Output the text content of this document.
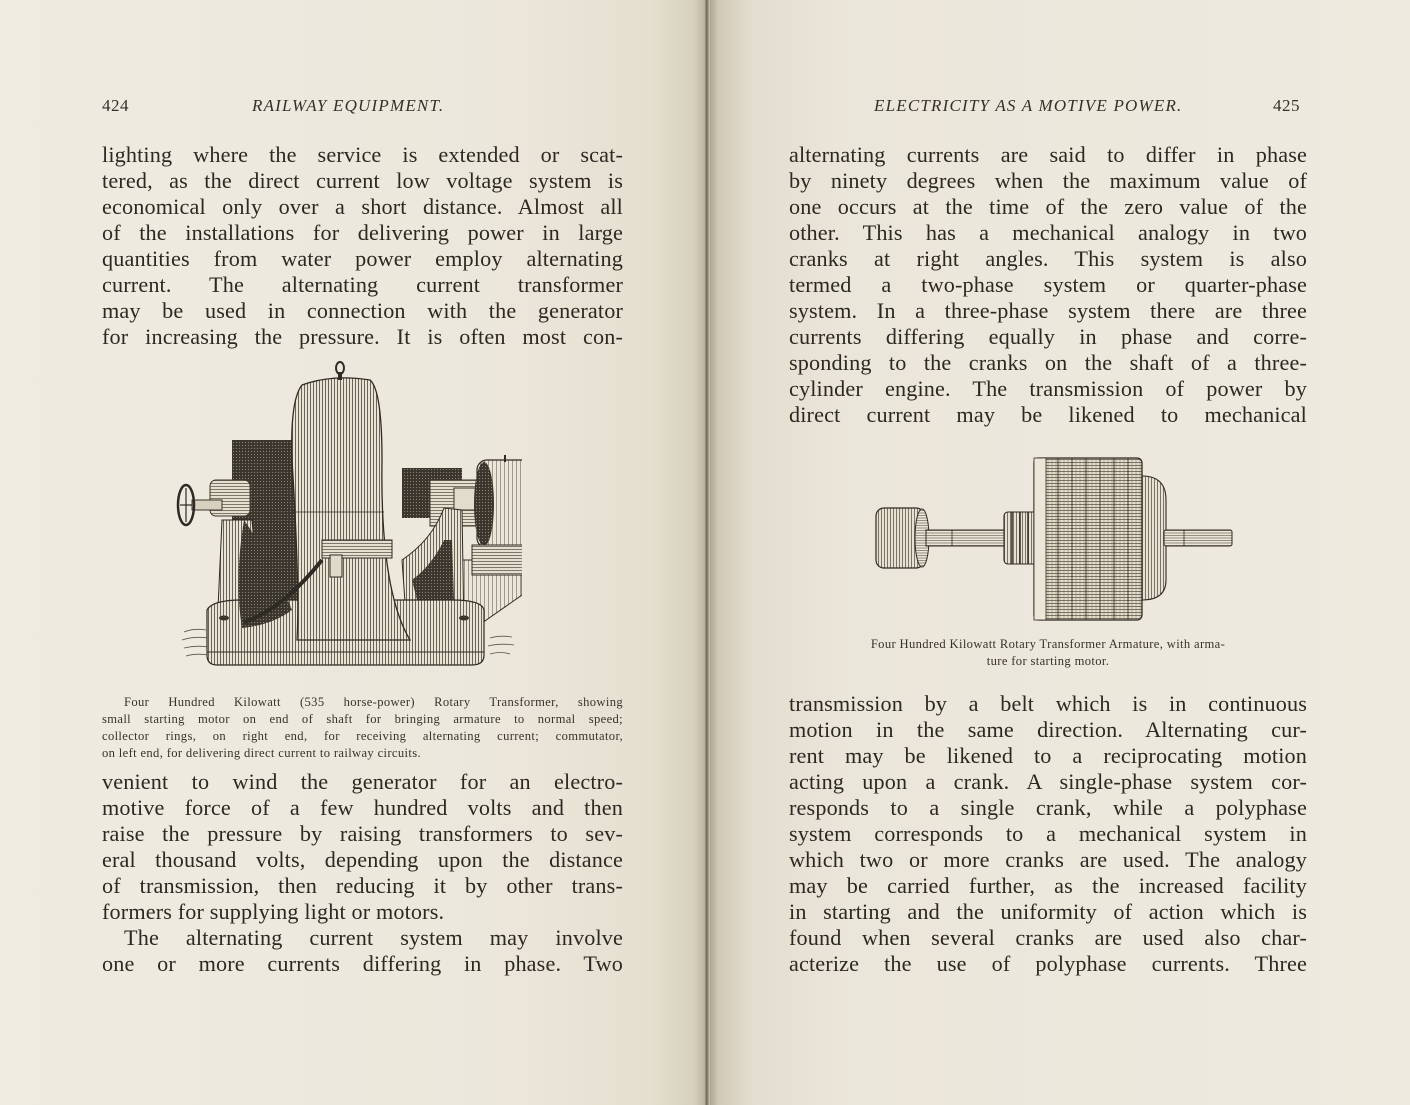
424	RAILWAY EQUIPMENT.
lighting where the service is extended or scat-
tered, as the direct current low voltage system is
economical only over a short distance. Almost all
of the installations for delivering power in large
quantities from water power employ alternating
current. The alternating current transformer
may be used in connection with the generator
for increasing the pressure. It is often most con-
Four Hundred Kilowatt (535 horse-power) Rotary Transformer, showing
small starting motor on end of shaft for bringing armature to normal speed;
collector rings, on right end, for receiving alternating current; commutator,
on left end, for delivering direct current to railway circuits.
venient to wind the generator for an electro-
motive force of a few hundred volts and then
raise the pressure by raising transformers to sev-
eral thousand volts, depending upon the distance
of transmission, then reducing it by other trans-
formers for supplying light or motors.
The alternating current system may involve
one or more currents differing in phase. Two
ELECTRICITY AS A MOTIVE POWER.	425
alternating currents are said to differ in phase
by ninety degrees when the maximum value of
one occurs at the time of the zero value of the
other. This has a mechanical analogy in two
cranks at right angles. This system is also
termed a two-phase system or quarter-phase
system. In a three-phase system there are three
currents differing equally in phase and corre-
sponding to the cranks on the shaft of a three-
cylinder engine. The transmission of power by
direct current may be likened to mechanical
Four Hundred Kilowatt Rotary Transformer Armature, with arma-
ture for starting motor.
transmission by a belt which is in continuous
motion in the same direction. Alternating cur-
rent may be likened to a reciprocating motion
acting upon a crank. A single-phase system cor-
responds to a single crank, while a polyphase
system corresponds to a mechanical system in
which two or more cranks are used. The analogy
may be carried further, as the increased facility
in starting and the uniformity of action which is
found when several cranks are used also char-
acterize the use of polyphase currents. Three
